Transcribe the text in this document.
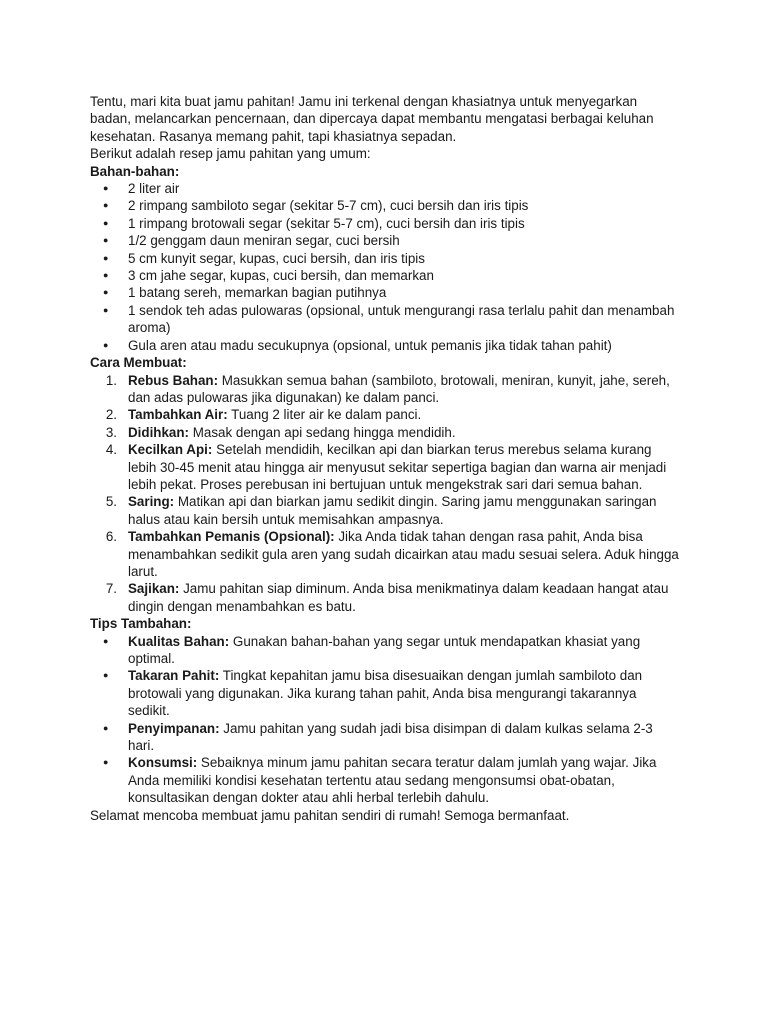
Tentu, mari kita buat jamu pahitan! Jamu ini terkenal dengan khasiatnya untuk menyegarkan badan, melancarkan pencernaan, dan dipercaya dapat membantu mengatasi berbagai keluhan kesehatan. Rasanya memang pahit, tapi khasiatnya sepadan.

Berikut adalah resep jamu pahitan yang umum:

Bahan-bahan:

● 2 liter air
● 2 rimpang sambiloto segar (sekitar 5-7 cm), cuci bersih dan iris tipis
● 1 rimpang brotowali segar (sekitar 5-7 cm), cuci bersih dan iris tipis
● 1/2 genggam daun meniran segar, cuci bersih
● 5 cm kunyit segar, kupas, cuci bersih, dan iris tipis
● 3 cm jahe segar, kupas, cuci bersih, dan memarkan
● 1 batang sereh, memarkan bagian putihnya
● 1 sendok teh adas pulowaras (opsional, untuk mengurangi rasa terlalu pahit dan menambah aroma)
● Gula aren atau madu secukupnya (opsional, untuk pemanis jika tidak tahan pahit)

Cara Membuat:

1. Rebus Bahan: Masukkan semua bahan (sambiloto, brotowali, meniran, kunyit, jahe, sereh, dan adas pulowaras jika digunakan) ke dalam panci.
2. Tambahkan Air: Tuang 2 liter air ke dalam panci.
3. Didihkan: Masak dengan api sedang hingga mendidih.
4. Kecilkan Api: Setelah mendidih, kecilkan api dan biarkan terus merebus selama kurang lebih 30-45 menit atau hingga air menyusut sekitar sepertiga bagian dan warna air menjadi lebih pekat. Proses perebusan ini bertujuan untuk mengekstrak sari dari semua bahan.
5. Saring: Matikan api dan biarkan jamu sedikit dingin. Saring jamu menggunakan saringan halus atau kain bersih untuk memisahkan ampasnya.
6. Tambahkan Pemanis (Opsional): Jika Anda tidak tahan dengan rasa pahit, Anda bisa menambahkan sedikit gula aren yang sudah dicairkan atau madu sesuai selera. Aduk hingga larut.
7. Sajikan: Jamu pahitan siap diminum. Anda bisa menikmatinya dalam keadaan hangat atau dingin dengan menambahkan es batu.

Tips Tambahan:

● Kualitas Bahan: Gunakan bahan-bahan yang segar untuk mendapatkan khasiat yang optimal.
● Takaran Pahit: Tingkat kepahitan jamu bisa disesuaikan dengan jumlah sambiloto dan brotowali yang digunakan. Jika kurang tahan pahit, Anda bisa mengurangi takarannya sedikit.
● Penyimpanan: Jamu pahitan yang sudah jadi bisa disimpan di dalam kulkas selama 2-3 hari.
● Konsumsi: Sebaiknya minum jamu pahitan secara teratur dalam jumlah yang wajar. Jika Anda memiliki kondisi kesehatan tertentu atau sedang mengonsumsi obat-obatan, konsultasikan dengan dokter atau ahli herbal terlebih dahulu.

Selamat mencoba membuat jamu pahitan sendiri di rumah! Semoga bermanfaat.
